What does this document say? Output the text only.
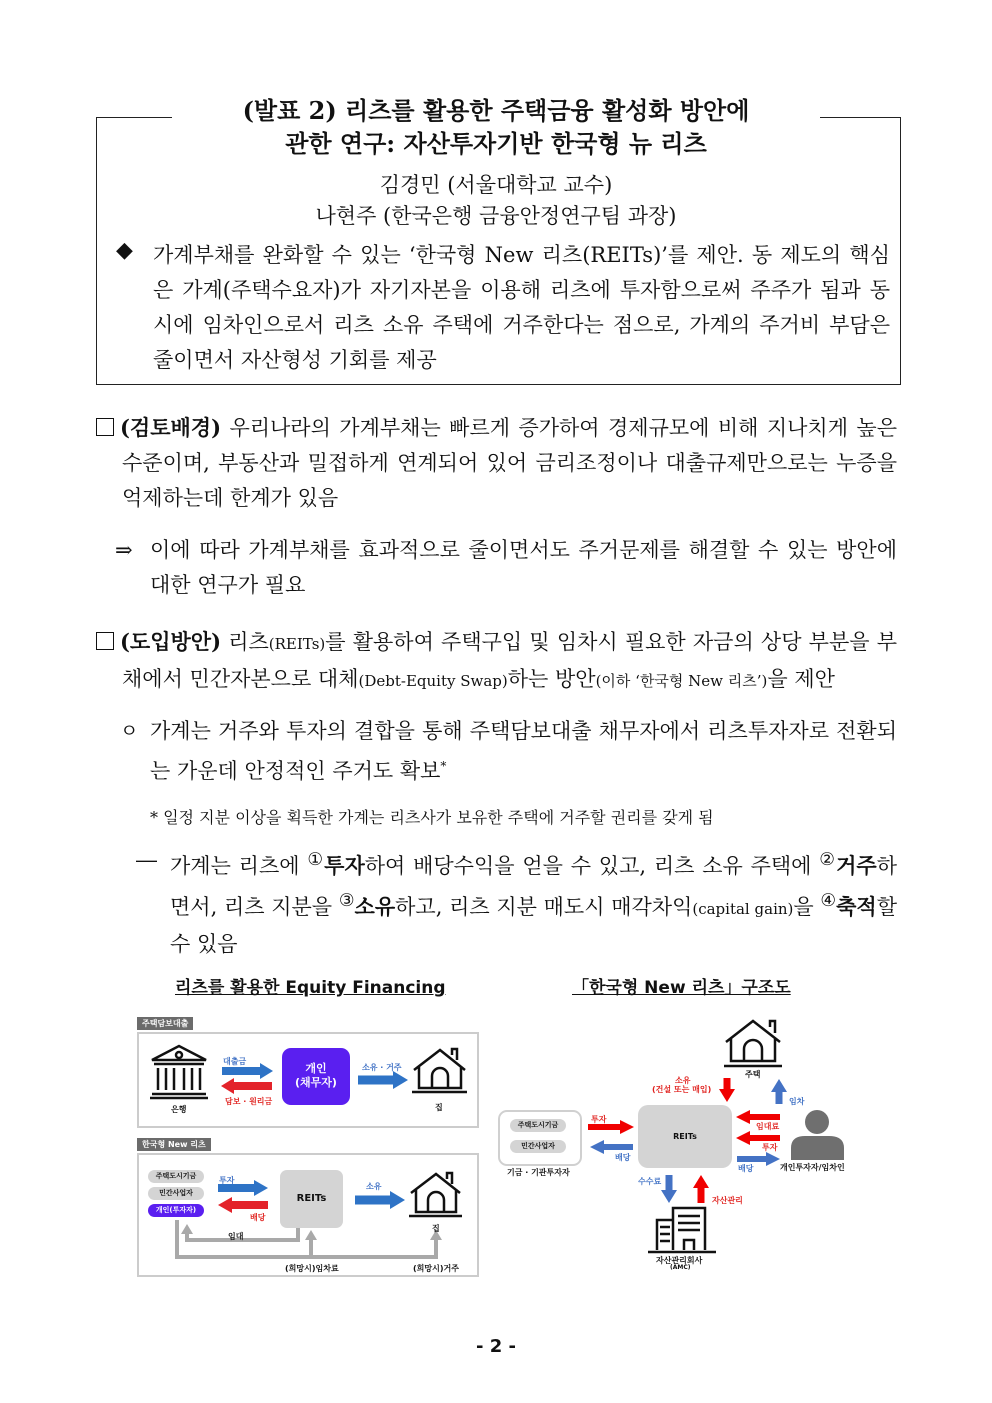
(발표 2) 리츠를 활용한 주택금융 활성화 방안에
관한 연구: 자산투자기반 한국형 뉴 리츠
김경민 (서울대학교 교수)
나현주 (한국은행 금융안정연구팀 과장)
◆ 가계부채를 완화할 수 있는 ‘한국형 New 리츠(REITs)’를 제안. 동 제도의 핵심은 가계(주택수요자)가 자기자본을 이용해 리츠에 투자함으로써 주주가 됨과 동시에 임차인으로서 리츠 소유 주택에 거주한다는 점으로, 가계의 주거비 부담은 줄이면서 자산형성 기회를 제공
(검토배경) 우리나라의 가계부채는 빠르게 증가하여 경제규모에 비해 지나치게 높은 수준이며, 부동산과 밀접하게 연계되어 있어 금리조정이나 대출규제만으로는 누증을 억제하는데 한계가 있음
⇒ 이에 따라 가계부채를 효과적으로 줄이면서도 주거문제를 해결할 수 있는 방안에 대한 연구가 필요
(도입방안) 리츠(REITs)를 활용하여 주택구입 및 임차시 필요한 자금의 상당 부분을 부채에서 민간자본으로 대체(Debt-Equity Swap)하는 방안(이하 ‘한국형 New 리츠’)을 제안
ㅇ 가계는 거주와 투자의 결합을 통해 주택담보대출 채무자에서 리츠투자자로 전환되는 가운데 안정적인 주거도 확보*
* 일정 지분 이상을 획득한 가계는 리츠사가 보유한 주택에 거주할 권리를 갖게 됨
― 가계는 리츠에 ①투자하여 배당수익을 얻을 수 있고, 리츠 소유 주택에 ②거주하면서, 리츠 지분을 ③소유하고, 리츠 지분 매도시 매각차익(capital gain)을 ④축적할 수 있음
리츠를 활용한 Equity Financing	「한국형 New 리츠」구조도
주택담보대출
은행
대출금
담보 · 원리금
개인
(채무자)
소유 · 거주
집
한국형 New 리츠
주택도시기금
민간사업자
개인(투자자)
투자
배당
REITs
소유
집
임대
(희망시)임차료	(희망시)거주
주택
소유
(건설 또는 매입)
임차
주택도시기금
민간사업자
기금 · 기관투자자
투자
배당
REITs
임대료
투자
배당	개인투자자/임차인
수수료
자산관리
자산관리회사
(AMC)
- 2 -
